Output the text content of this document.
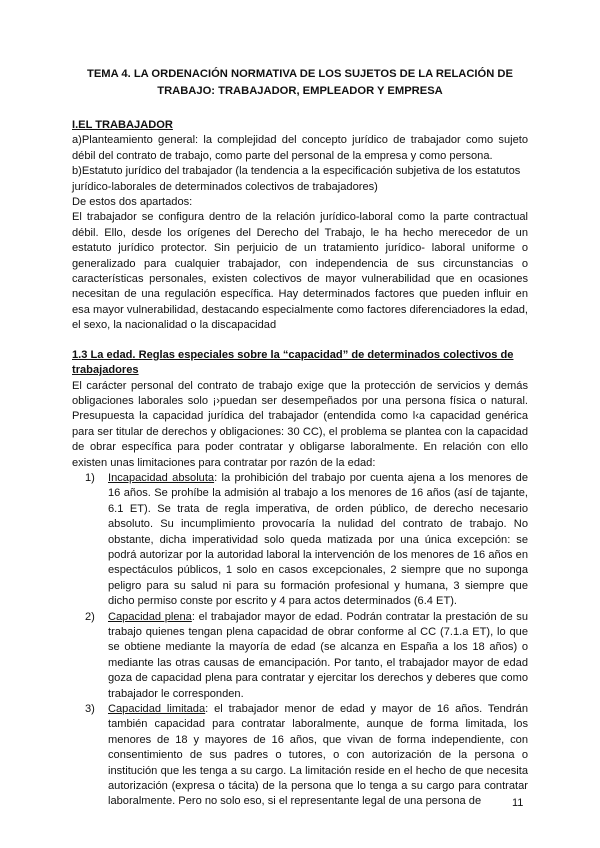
TEMA 4. LA ORDENACIÓN NORMATIVA DE LOS SUJETOS DE LA RELACIÓN DE TRABAJO: TRABAJADOR, EMPLEADOR Y EMPRESA
I.EL TRABAJADOR

a)Planteamiento general: la complejidad del concepto jurídico de trabajador como sujeto débil del contrato de trabajo, como parte del personal de la empresa y como persona.

b)Estatuto jurídico del trabajador (la tendencia a la especificación subjetiva de los estatutos jurídico-laborales de determinados colectivos de trabajadores)

De estos dos apartados:

El trabajador se configura dentro de la relación jurídico-laboral como la parte contractual débil. Ello, desde los orígenes del Derecho del Trabajo, le ha hecho merecedor de un estatuto jurídico protector. Sin perjuicio de un tratamiento jurídico- laboral uniforme o generalizado para cualquier trabajador, con independencia de sus circunstancias o características personales, existen colectivos de mayor vulnerabilidad que en ocasiones necesitan de una regulación específica. Hay determinados factores que pueden influir en esa mayor vulnerabilidad, destacando especialmente como factores diferenciadores la edad, el sexo, la nacionalidad o la discapacidad

1.3 La edad. Reglas especiales sobre la “capacidad” de determinados colectivos de trabajadores

El carácter personal del contrato de trabajo exige que la protección de servicios y demás obligaciones laborales solo ¡›puedan ser desempeñados por una persona física o natural. Presupuesta la capacidad jurídica del trabajador (entendida como l‹a capacidad genérica para ser titular de derechos y obligaciones: 30 CC), el problema se plantea con la capacidad de obrar específica para poder contratar y obligarse laboralmente. En relación con ello existen unas limitaciones para contratar por razón de la edad:

1) Incapacidad absoluta: la prohibición del trabajo por cuenta ajena a los menores de 16 años. Se prohíbe la admisión al trabajo a los menores de 16 años (así de tajante, 6.1 ET). Se trata de regla imperativa, de orden público, de derecho necesario absoluto. Su incumplimiento provocaría la nulidad del contrato de trabajo. No obstante, dicha imperatividad solo queda matizada por una única excepción: se podrá autorizar por la autoridad laboral la intervención de los menores de 16 años en espectáculos públicos, 1 solo en casos excepcionales, 2 siempre que no suponga peligro para su salud ni para su formación profesional y humana, 3 siempre que dicho permiso conste por escrito y 4 para actos determinados (6.4 ET).
2) Capacidad plena: el trabajador mayor de edad. Podrán contratar la prestación de su trabajo quienes tengan plena capacidad de obrar conforme al CC (7.1.a ET), lo que se obtiene mediante la mayoría de edad (se alcanza en España a los 18 años) o mediante las otras causas de emancipación. Por tanto, el trabajador mayor de edad goza de capacidad plena para contratar y ejercitar los derechos y deberes que como trabajador le corresponden.
3) Capacidad limitada: el trabajador menor de edad y mayor de 16 años. Tendrán también capacidad para contratar laboralmente, aunque de forma limitada, los menores de 18 y mayores de 16 años, que vivan de forma independiente, con consentimiento de sus padres o tutores, o con autorización de la persona o institución que les tenga a su cargo. La limitación reside en el hecho de que necesita autorización (expresa o tácita) de la persona que lo tenga a su cargo para contratar laboralmente. Pero no solo eso, si el representante legal de una persona de	11
